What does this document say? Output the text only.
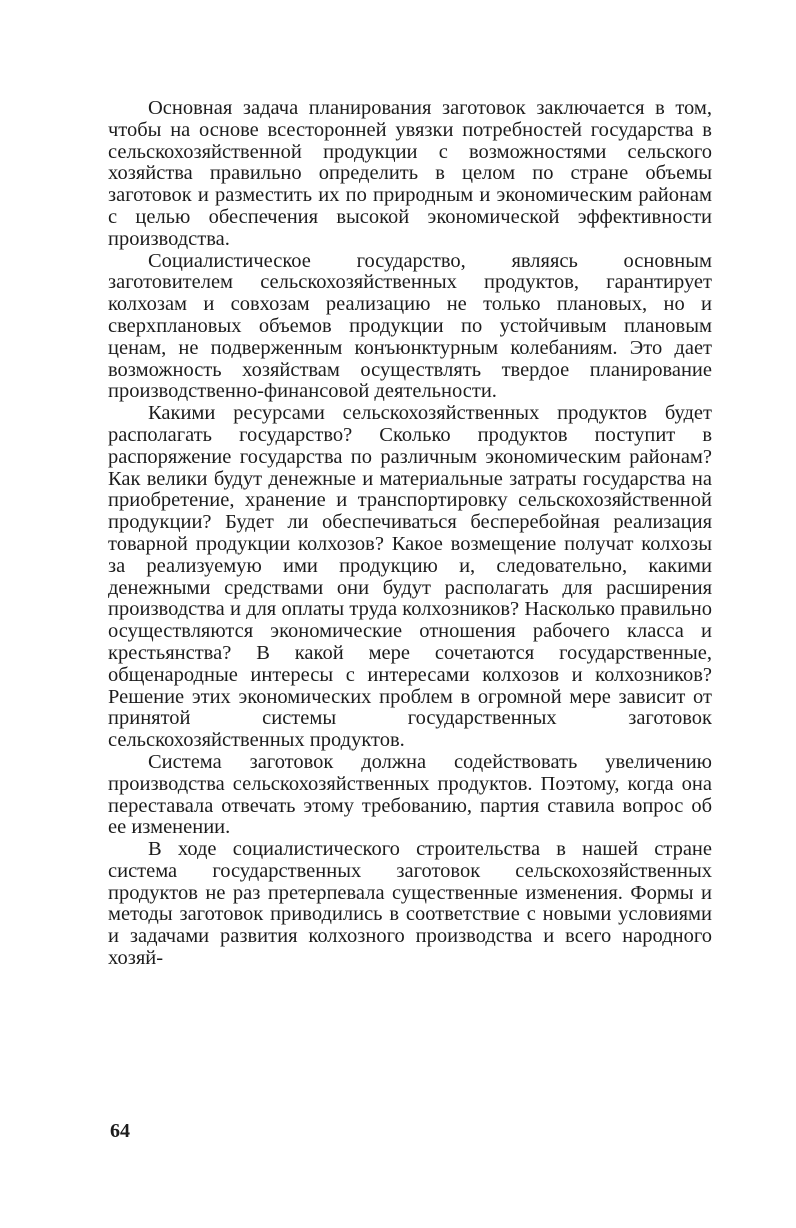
Основная задача планирования заготовок заключается в том, чтобы на основе всесторонней увязки потребностей государства в сельскохозяйственной продукции с возможностями сельского хозяйства правильно определить в целом по стране объемы заготовок и разместить их по природным и экономическим районам с целью обеспечения высокой экономической эффективности производства.

Социалистическое государство, являясь основным заготовителем сельскохозяйственных продуктов, гарантирует колхозам и совхозам реализацию не только плановых, но и сверхплановых объемов продукции по устойчивым плановым ценам, не подверженным конъюнктурным колебаниям. Это дает возможность хозяйствам осуществлять твердое планирование производственно-финансовой деятельности.

Какими ресурсами сельскохозяйственных продуктов будет располагать государство? Сколько продуктов поступит в распоряжение государства по различным экономическим районам? Как велики будут денежные и материальные затраты государства на приобретение, хранение и транспортировку сельскохозяйственной продукции? Будет ли обеспечиваться бесперебойная реализация товарной продукции колхозов? Какое возмещение получат колхозы за реализуемую ими продукцию и, следовательно, какими денежными средствами они будут располагать для расширения производства и для оплаты труда колхозников? Насколько правильно осуществляются экономические отношения рабочего класса и крестьянства? В какой мере сочетаются государственные, общенародные интересы с интересами колхозов и колхозников? Решение этих экономических проблем в огромной мере зависит от принятой системы государственных заготовок сельскохозяйственных продуктов.

Система заготовок должна содействовать увеличению производства сельскохозяйственных продуктов. Поэтому, когда она переставала отвечать этому требованию, партия ставила вопрос об ее изменении.

В ходе социалистического строительства в нашей стране система государственных заготовок сельскохозяйственных продуктов не раз претерпевала существенные изменения. Формы и методы заготовок приводились в соответствие с новыми условиями и задачами развития колхозного производства и всего народного хозяй-

64
